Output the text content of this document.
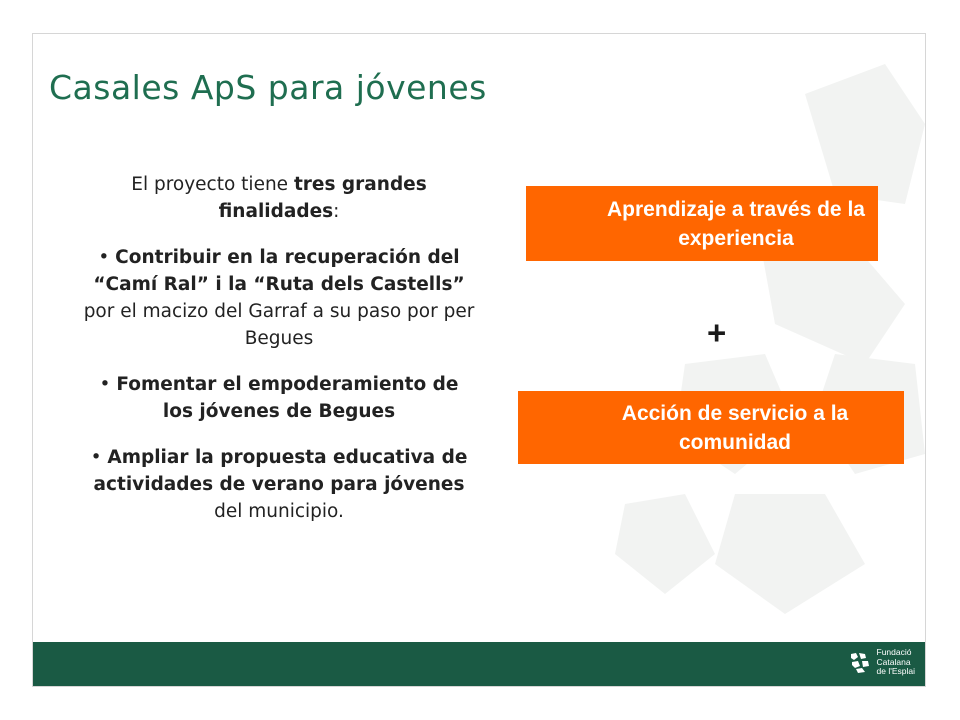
Casales ApS para jóvenes

El proyecto tiene tres grandes finalidades:

• Contribuir en la recuperación del “Camí Ral” i la “Ruta dels Castells” por el macizo del Garraf a su paso por per Begues

• Fomentar el empoderamiento de los jóvenes de Begues

• Ampliar la propuesta educativa de actividades de verano para jóvenes del municipio.

Aprendizaje a través de la experiencia
+
Acción de servicio a la comunidad
Fundació
Catalana
de l'Esplai
